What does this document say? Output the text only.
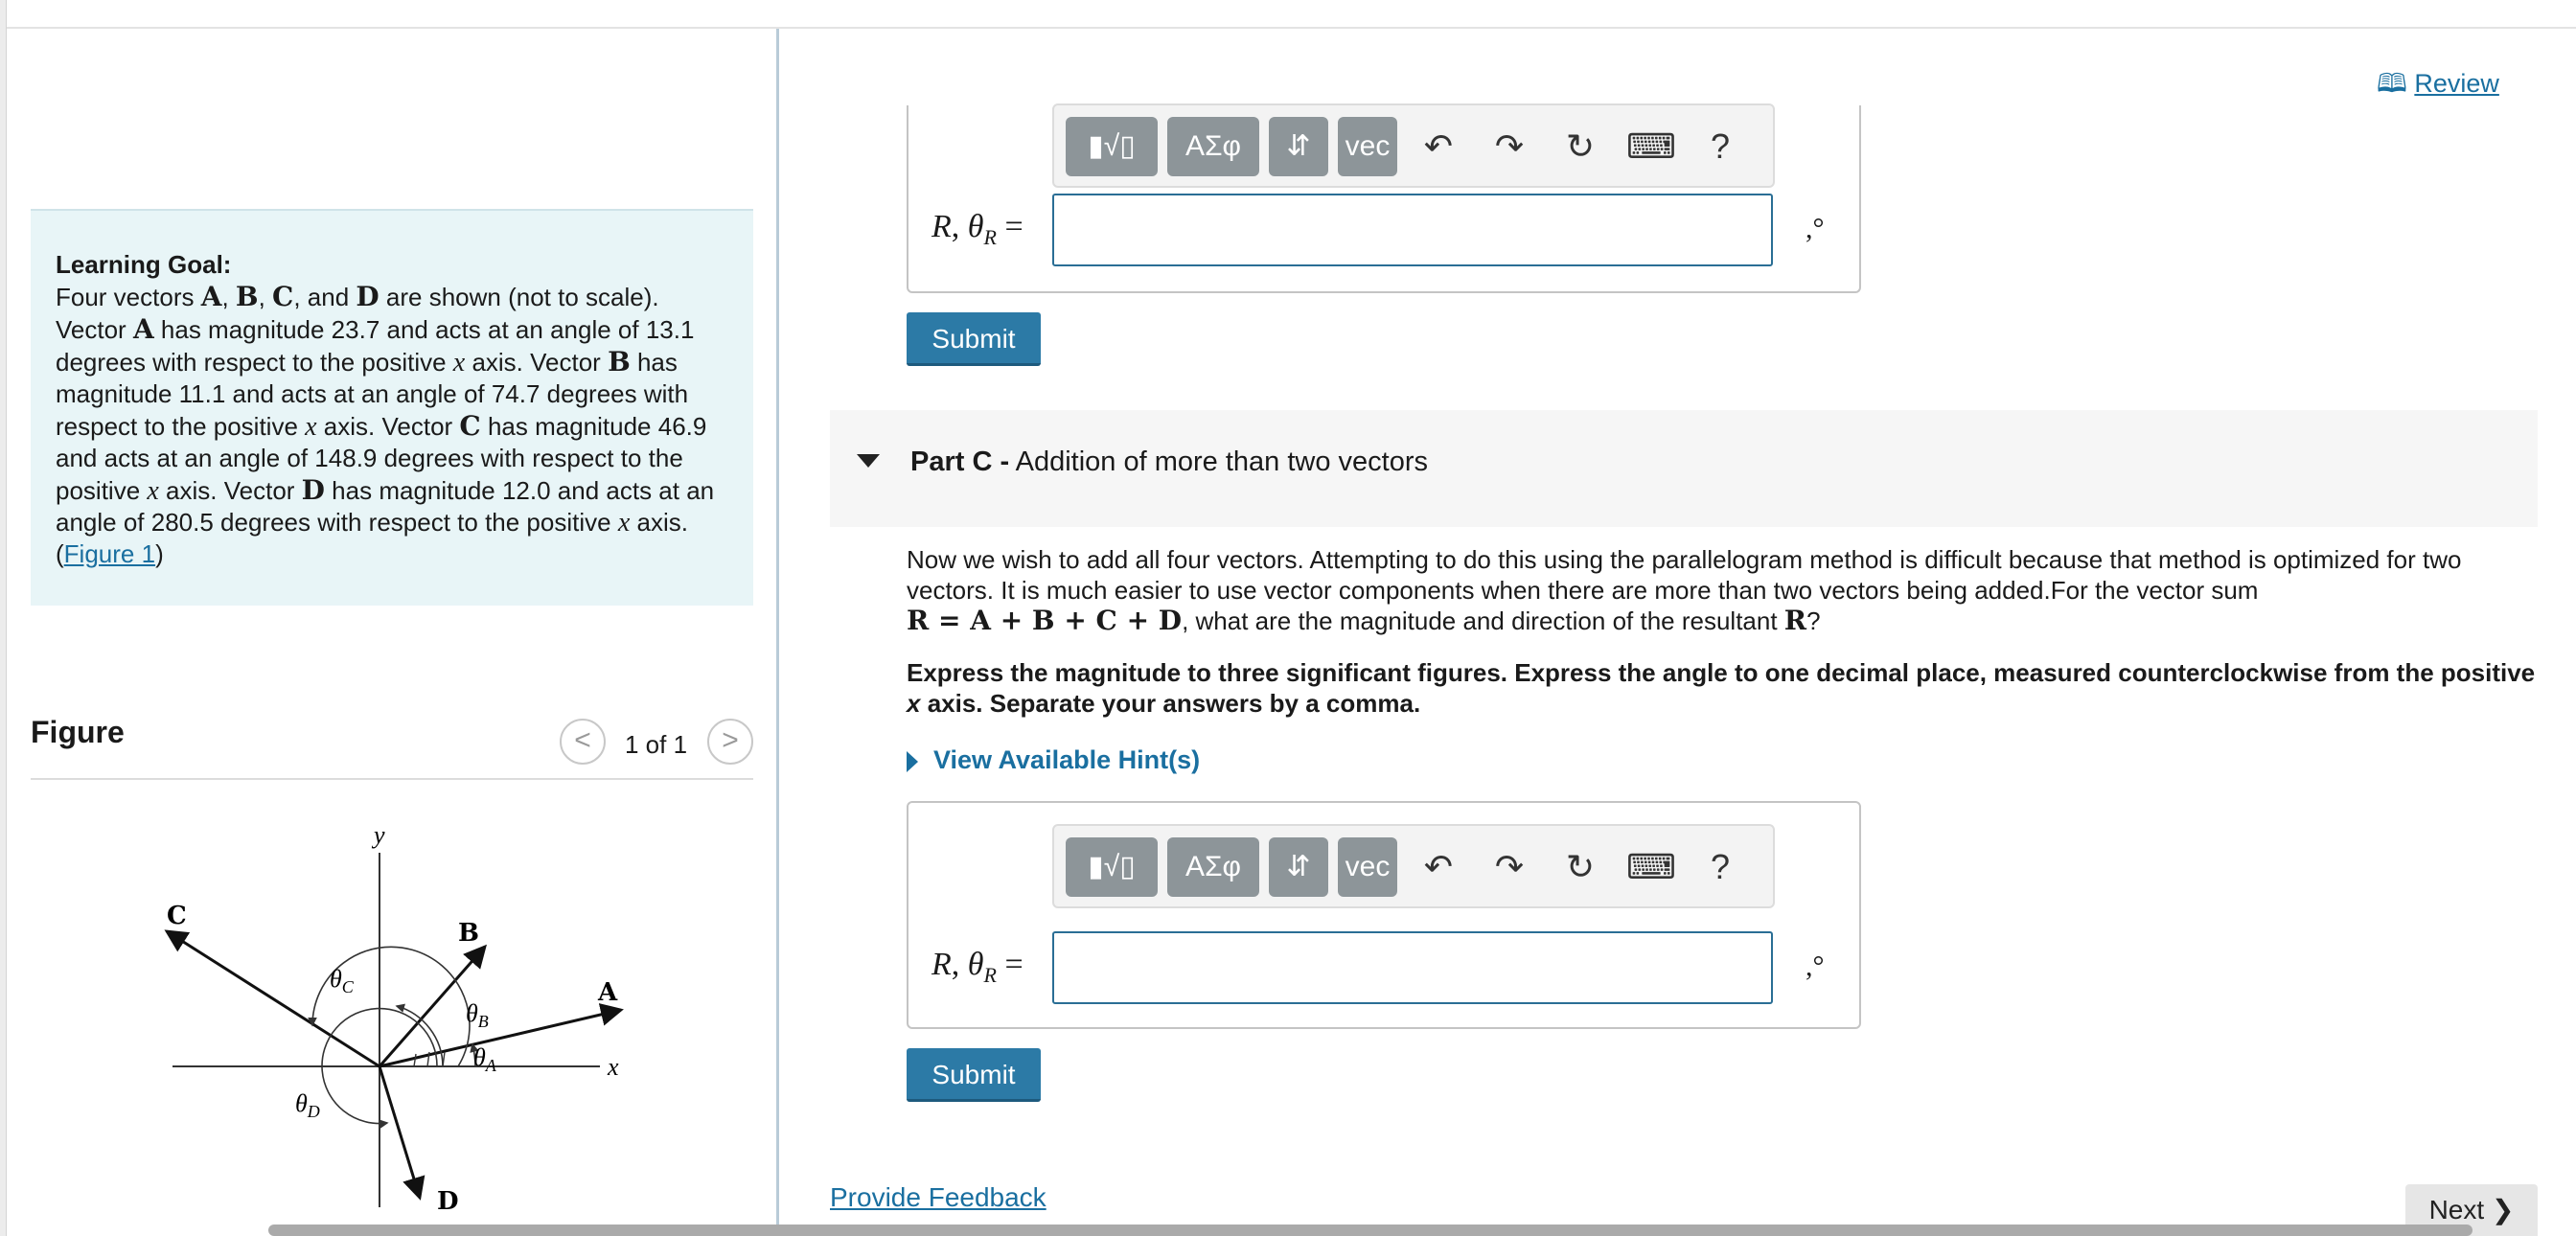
Learning Goal:
Four vectors A, B, C, and D are shown (not to scale). Vector A has magnitude 23.7 and acts at an angle of 13.1 degrees with respect to the positive x axis. Vector B has magnitude 11.1 and acts at an angle of 74.7 degrees with respect to the positive x axis. Vector C has magnitude 46.9 and acts at an angle of 148.9 degrees with respect to the positive x axis. Vector D has magnitude 12.0 and acts at an angle of 280.5 degrees with respect to the positive x axis.(Figure 1)
Figure	<	1 of 1	>
y
x
A
B
C
D
$\theta_A$
$\theta_B$
$\theta_C$
$\theta_D$
🕮 Review
▮√▯	ΑΣφ	⇵	vec ↶	↷	↻ ⌨	?
R, $\theta_R$ =	,°
Submit
Part C - Addition of more than two vectors
Now we wish to add all four vectors. Attempting to do this using the parallelogram method is difficult because that method is optimized for two vectors. It is much easier to use vector components when there are more than two vectors being added.For the vector sum
R = A + B + C + D, what are the magnitude and direction of the resultant R?
Express the magnitude to three significant figures. Express the angle to one decimal place, measured counterclockwise from the positive x axis. Separate your answers by a comma.
View Available Hint(s)
▮√▯	ΑΣφ	⇵	vec ↶	↷	↻ ⌨	?
R, $\theta_R$ =	,°
Submit
Provide Feedback	Next ❯
